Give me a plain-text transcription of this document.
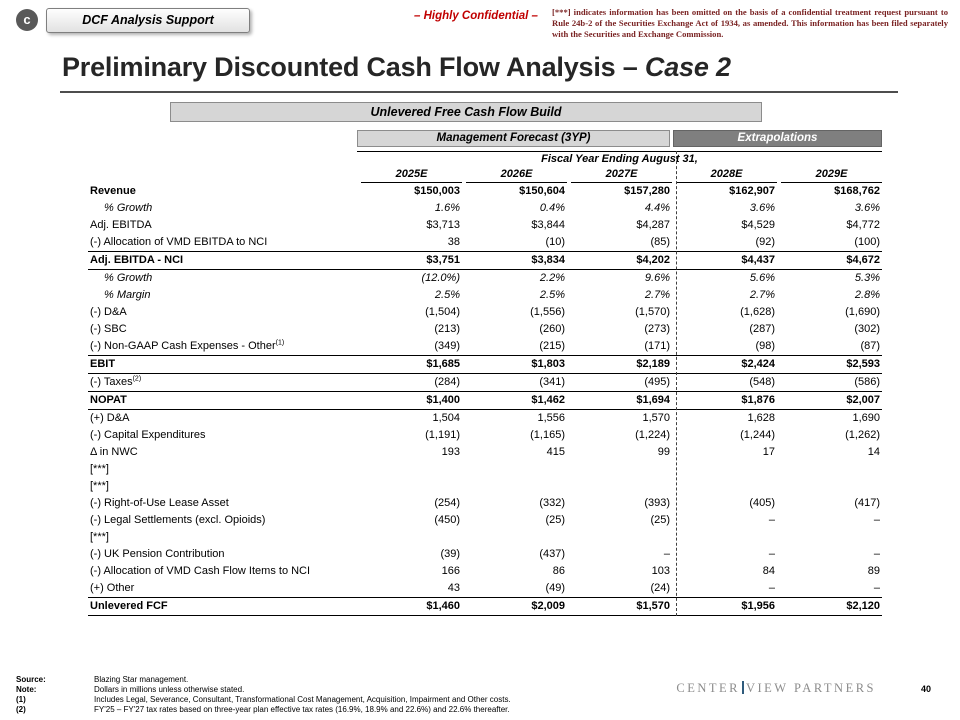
c	DCF Analysis Support	– Highly Confidential – [***] indicates information has been omitted on the basis of a confidential treatment request pursuant to Rule 24b-2 of the Securities Exchange Act of 1934, as amended. This information has been filed separately with the Securities and Exchange Commission.
Preliminary Discounted Cash Flow Analysis – Case 2
Unlevered Free Cash Flow Build
Management Forecast (3YP)	Extrapolations
Fiscal Year Ending August 31,
2025E	2026E	2027E	2028E	2029E
Revenue	$150,003	$150,604	$157,280	$162,907	$168,762
% Growth	1.6%	0.4%	4.4%	3.6%	3.6%
Adj. EBITDA	$3,713	$3,844	$4,287	$4,529	$4,772
(-) Allocation of VMD EBITDA to NCI	38	(10)	(85)	(92)	(100)
Adj. EBITDA - NCI	$3,751	$3,834	$4,202	$4,437	$4,672
% Growth	(12.0%)	2.2%	9.6%	5.6%	5.3%
% Margin	2.5%	2.5%	2.7%	2.7%	2.8%
(-) D&A	(1,504)	(1,556)	(1,570)	(1,628)	(1,690)
(-) SBC	(213)	(260)	(273)	(287)	(302)
(-) Non-GAAP Cash Expenses - Other$^{(1)}$	(349)	(215)	(171)	(98)	(87)
EBIT	$1,685	$1,803	$2,189	$2,424	$2,593
(-) Taxes$^{(2)}$	(284)	(341)	(495)	(548)	(586)
NOPAT	$1,400	$1,462	$1,694	$1,876	$2,007
(+) D&A	1,504	1,556	1,570	1,628	1,690
(-) Capital Expenditures	(1,191)	(1,165)	(1,224)	(1,244)	(1,262)
Δ in NWC	193	415	99	17	14
[***]
[***]
(-) Right-of-Use Lease Asset	(254)	(332)	(393)	(405)	(417)
(-) Legal Settlements (excl. Opioids)	(450)	(25)	(25)	–	–
[***]
(-) UK Pension Contribution	(39)	(437)	–	–	–
(-) Allocation of VMD Cash Flow Items to NCI	166	86	103	84	89
(+) Other	43	(49)	(24)	–	–
Unlevered FCF	$1,460	$2,009	$1,570	$1,956	$2,120
Source:	Blazing Star management.
Note:	Dollars in millions unless otherwise stated.
(1)	Includes Legal, Severance, Consultant, Transformational Cost Management, Acquisition, Impairment and Other costs.
(2)	FY'25 – FY'27 tax rates based on three-year plan effective tax rates (16.9%, 18.9% and 22.6%) and 22.6% thereafter.
CENTER VIEW PARTNERS	40
